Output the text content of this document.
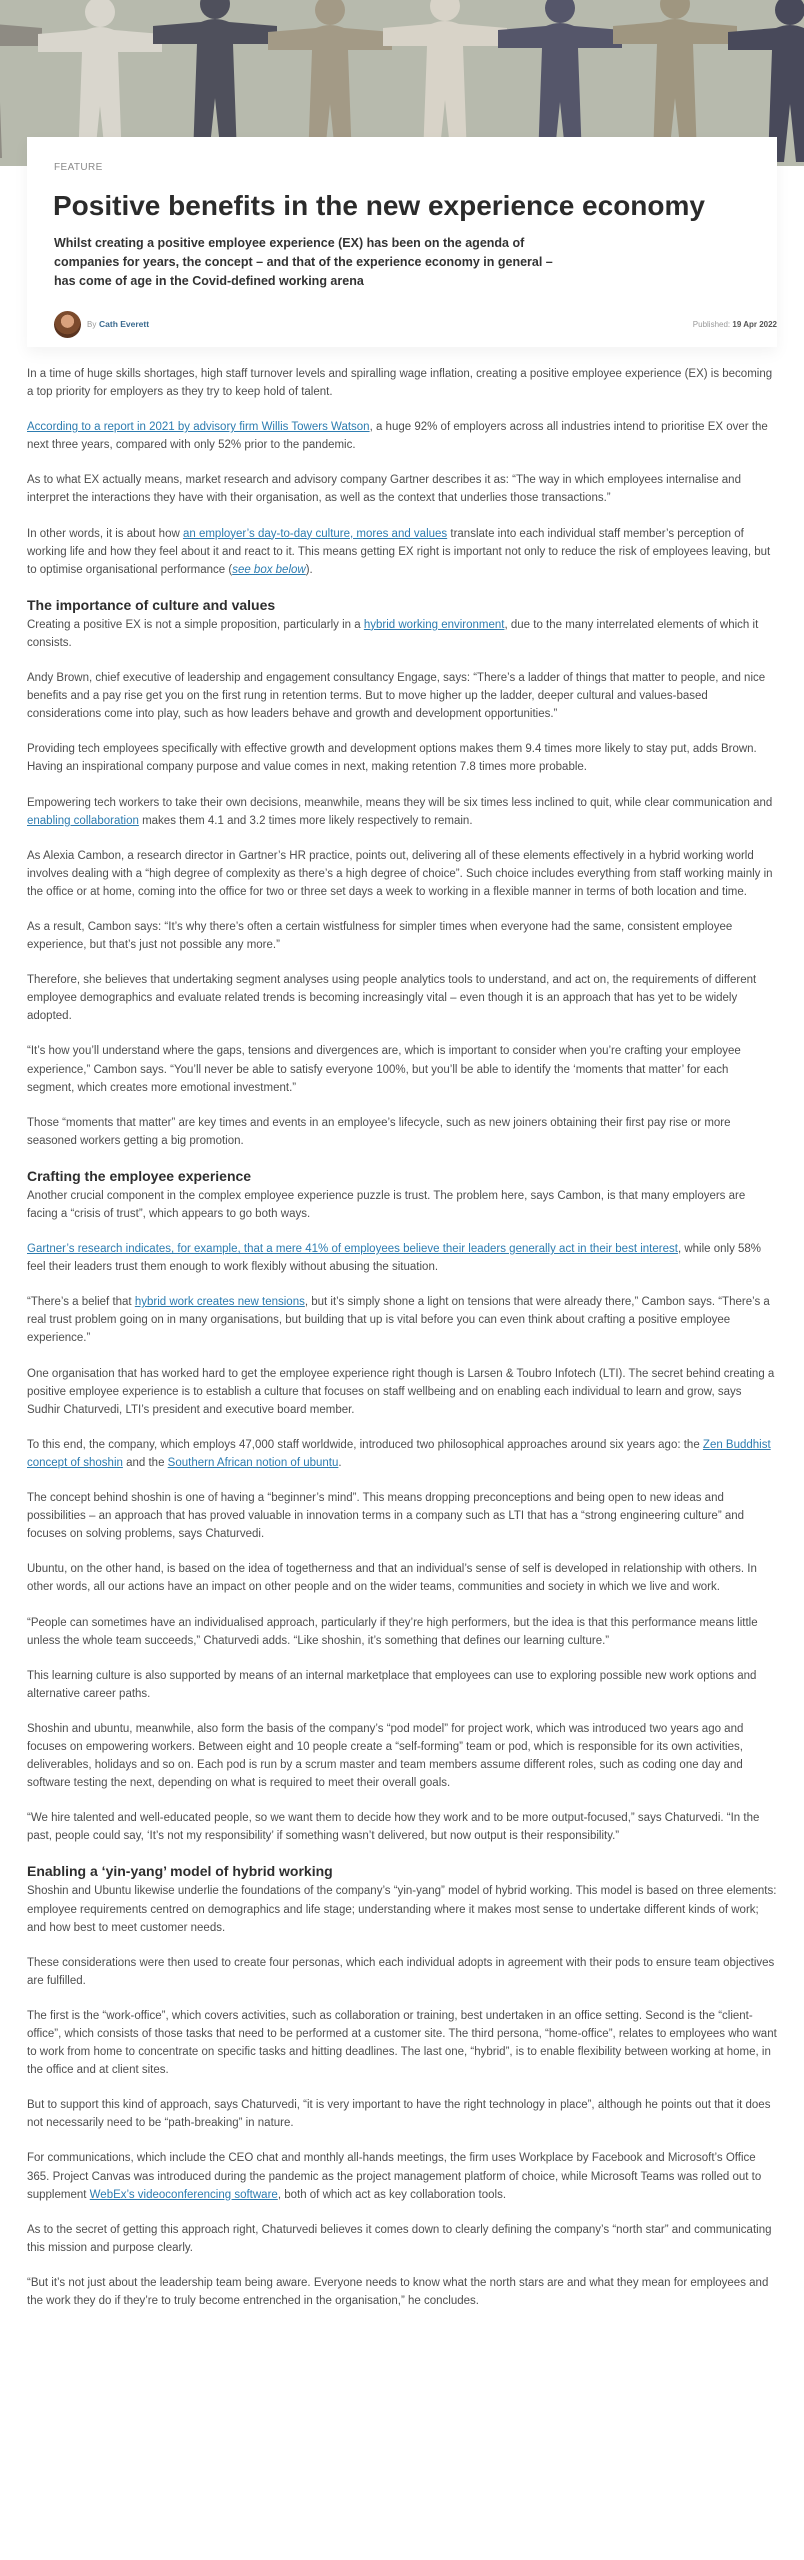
FEATURE
Positive benefits in the new experience economy
Whilst creating a positive employee experience (EX) has been on the agenda of companies for years, the concept – and that of the experience economy in general – has come of age in the Covid-defined working arena
By Cath Everett	Published: 19 Apr 2022

In a time of huge skills shortages, high staff turnover levels and spiralling wage inflation, creating a positive employee experience (EX) is becoming a top priority for employers as they try to keep hold of talent.

According to a report in 2021 by advisory firm Willis Towers Watson, a huge 92% of employers across all industries intend to prioritise EX over the next three years, compared with only 52% prior to the pandemic.

As to what EX actually means, market research and advisory company Gartner describes it as: “The way in which employees internalise and interpret the interactions they have with their organisation, as well as the context that underlies those transactions.”

In other words, it is about how an employer’s day-to-day culture, mores and values translate into each individual staff member’s perception of working life and how they feel about it and react to it. This means getting EX right is important not only to reduce the risk of employees leaving, but to optimise organisational performance (see box below).

The importance of culture and values

Creating a positive EX is not a simple proposition, particularly in a hybrid working environment, due to the many interrelated elements of which it consists.

Andy Brown, chief executive of leadership and engagement consultancy Engage, says: “There’s a ladder of things that matter to people, and nice benefits and a pay rise get you on the first rung in retention terms. But to move higher up the ladder, deeper cultural and values-based considerations come into play, such as how leaders behave and growth and development opportunities.”

Providing tech employees specifically with effective growth and development options makes them 9.4 times more likely to stay put, adds Brown. Having an inspirational company purpose and value comes in next, making retention 7.8 times more probable.

Empowering tech workers to take their own decisions, meanwhile, means they will be six times less inclined to quit, while clear communication and enabling collaboration makes them 4.1 and 3.2 times more likely respectively to remain.

As Alexia Cambon, a research director in Gartner’s HR practice, points out, delivering all of these elements effectively in a hybrid working world involves dealing with a “high degree of complexity as there’s a high degree of choice”. Such choice includes everything from staff working mainly in the office or at home, coming into the office for two or three set days a week to working in a flexible manner in terms of both location and time.

As a result, Cambon says: “It’s why there’s often a certain wistfulness for simpler times when everyone had the same, consistent employee experience, but that’s just not possible any more.”

Therefore, she believes that undertaking segment analyses using people analytics tools to understand, and act on, the requirements of different employee demographics and evaluate related trends is becoming increasingly vital – even though it is an approach that has yet to be widely adopted.

“It’s how you’ll understand where the gaps, tensions and divergences are, which is important to consider when you’re crafting your employee experience,” Cambon says. “You’ll never be able to satisfy everyone 100%, but you’ll be able to identify the ‘moments that matter’ for each segment, which creates more emotional investment.”

Those “moments that matter” are key times and events in an employee’s lifecycle, such as new joiners obtaining their first pay rise or more seasoned workers getting a big promotion.

Crafting the employee experience

Another crucial component in the complex employee experience puzzle is trust. The problem here, says Cambon, is that many employers are facing a “crisis of trust”, which appears to go both ways.

Gartner’s research indicates, for example, that a mere 41% of employees believe their leaders generally act in their best interest, while only 58% feel their leaders trust them enough to work flexibly without abusing the situation.

“There’s a belief that hybrid work creates new tensions, but it’s simply shone a light on tensions that were already there,” Cambon says. “There’s a real trust problem going on in many organisations, but building that up is vital before you can even think about crafting a positive employee experience.”

One organisation that has worked hard to get the employee experience right though is Larsen & Toubro Infotech (LTI). The secret behind creating a positive employee experience is to establish a culture that focuses on staff wellbeing and on enabling each individual to learn and grow, says Sudhir Chaturvedi, LTI’s president and executive board member.

To this end, the company, which employs 47,000 staff worldwide, introduced two philosophical approaches around six years ago: the Zen Buddhist concept of shoshin and the Southern African notion of ubuntu.

The concept behind shoshin is one of having a “beginner’s mind”. This means dropping preconceptions and being open to new ideas and possibilities – an approach that has proved valuable in innovation terms in a company such as LTI that has a “strong engineering culture” and focuses on solving problems, says Chaturvedi.

Ubuntu, on the other hand, is based on the idea of togetherness and that an individual’s sense of self is developed in relationship with others. In other words, all our actions have an impact on other people and on the wider teams, communities and society in which we live and work.

“People can sometimes have an individualised approach, particularly if they’re high performers, but the idea is that this performance means little unless the whole team succeeds,” Chaturvedi adds. “Like shoshin, it’s something that defines our learning culture.”

This learning culture is also supported by means of an internal marketplace that employees can use to exploring possible new work options and alternative career paths.

Shoshin and ubuntu, meanwhile, also form the basis of the company’s “pod model” for project work, which was introduced two years ago and focuses on empowering workers. Between eight and 10 people create a “self-forming” team or pod, which is responsible for its own activities, deliverables, holidays and so on. Each pod is run by a scrum master and team members assume different roles, such as coding one day and software testing the next, depending on what is required to meet their overall goals.

“We hire talented and well-educated people, so we want them to decide how they work and to be more output-focused,” says Chaturvedi. “In the past, people could say, ‘It’s not my responsibility’ if something wasn’t delivered, but now output is their responsibility.”

Enabling a ‘yin-yang’ model of hybrid working

Shoshin and Ubuntu likewise underlie the foundations of the company’s “yin-yang” model of hybrid working. This model is based on three elements: employee requirements centred on demographics and life stage; understanding where it makes most sense to undertake different kinds of work; and how best to meet customer needs.

These considerations were then used to create four personas, which each individual adopts in agreement with their pods to ensure team objectives are fulfilled.

The first is the “work-office”, which covers activities, such as collaboration or training, best undertaken in an office setting. Second is the “client-office”, which consists of those tasks that need to be performed at a customer site. The third persona, “home-office”, relates to employees who want to work from home to concentrate on specific tasks and hitting deadlines. The last one, “hybrid”, is to enable flexibility between working at home, in the office and at client sites.

But to support this kind of approach, says Chaturvedi, “it is very important to have the right technology in place”, although he points out that it does not necessarily need to be “path-breaking” in nature.

For communications, which include the CEO chat and monthly all-hands meetings, the firm uses Workplace by Facebook and Microsoft’s Office 365. Project Canvas was introduced during the pandemic as the project management platform of choice, while Microsoft Teams was rolled out to supplement WebEx’s videoconferencing software, both of which act as key collaboration tools.

As to the secret of getting this approach right, Chaturvedi believes it comes down to clearly defining the company’s “north star” and communicating this mission and purpose clearly.

“But it’s not just about the leadership team being aware. Everyone needs to know what the north stars are and what they mean for employees and the work they do if they’re to truly become entrenched in the organisation,” he concludes.
